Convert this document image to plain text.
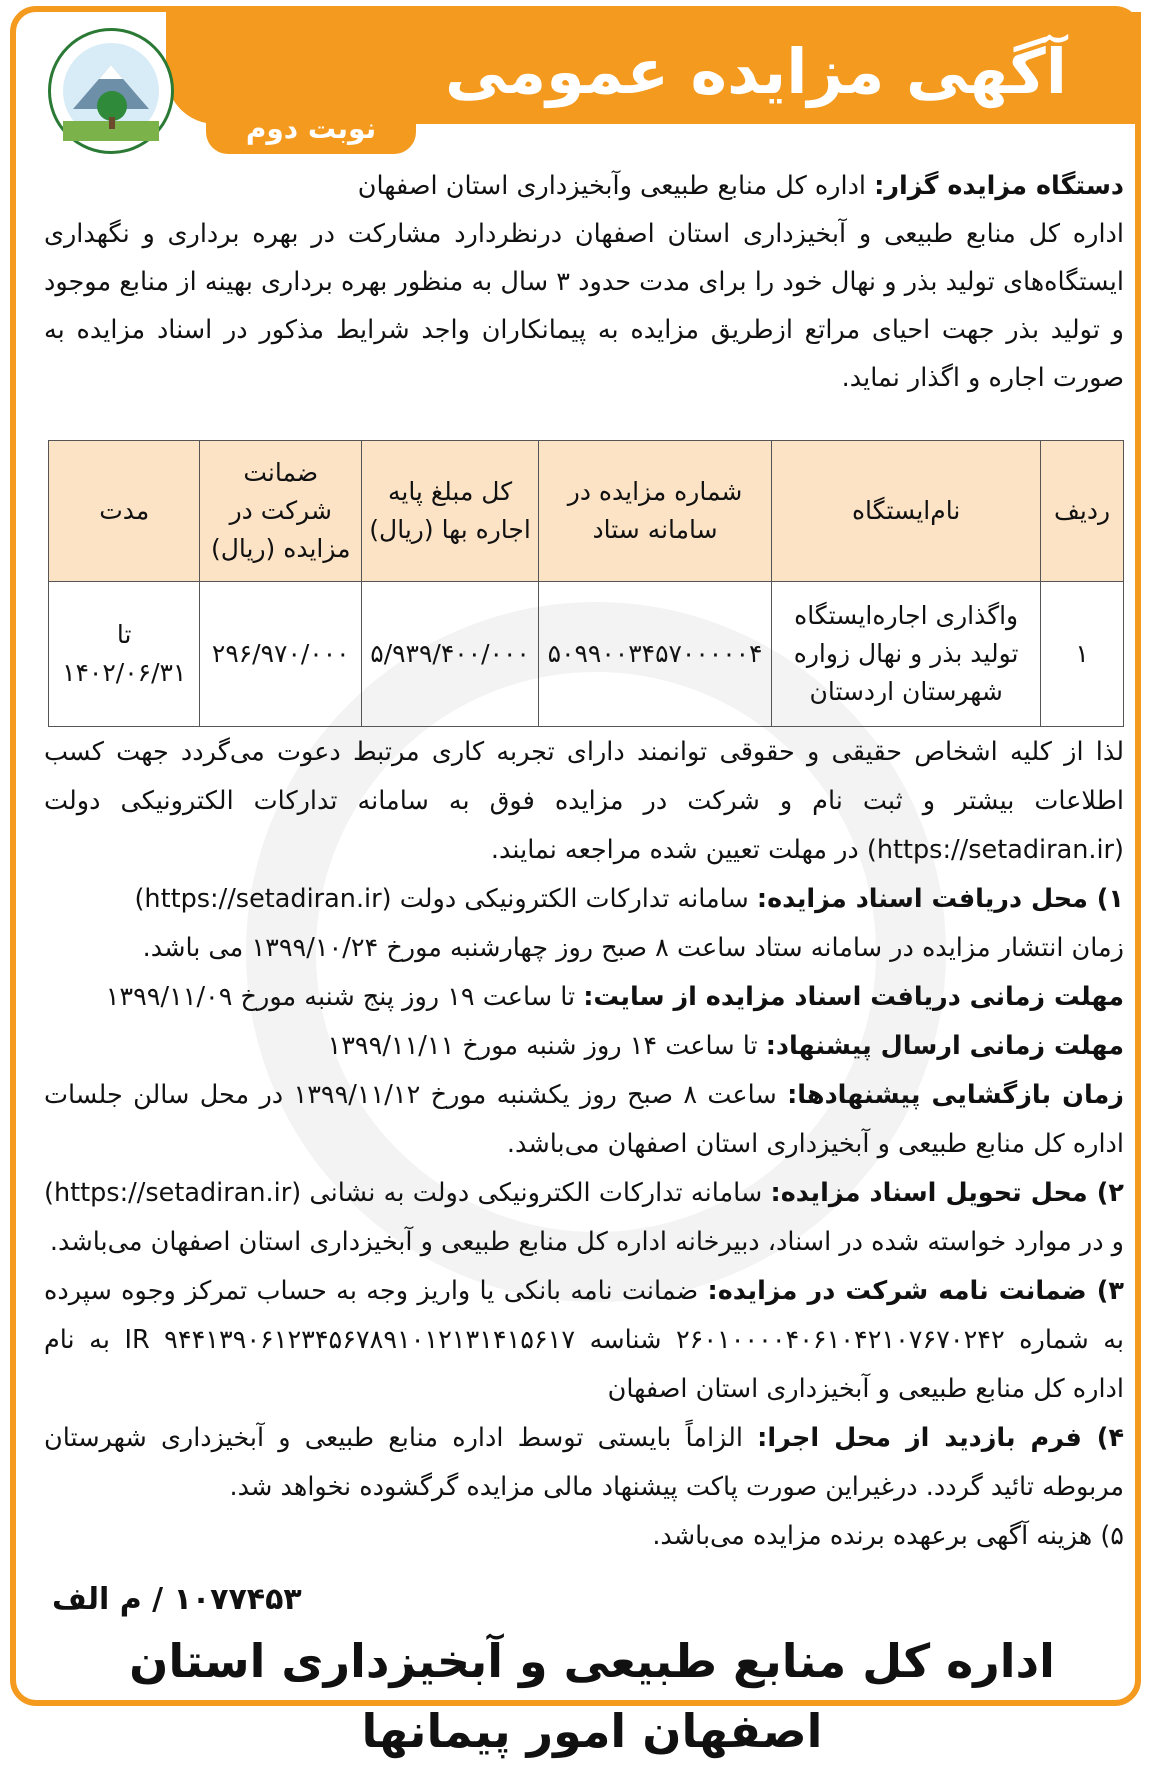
آگهی مزایده عمومی
نوبت دوم

دستگاه مزایده گزار: اداره کل منابع طبیعی وآبخیزداری استان اصفهان

اداره کل منابع طبیعی و آبخیزداری استان اصفهان درنظردارد مشارکت در بهره برداری و نگهداری ایستگاه‌های تولید بذر و نهال خود را برای مدت حدود ۳ سال به منظور بهره برداری بهینه از منابع موجود و تولید بذر جهت احیای مراتع ازطریق مزایده به پیمانکاران واجد شرایط مذکور در اسناد مزایده به صورت اجاره و اگذار نماید.

ردیف	نام‌ایستگاه	شماره مزایده در سامانه ستاد	کل مبلغ پایه اجاره بها (ریال)	ضمانت شرکت در مزایده (ریال)	مدت
۱	واگذاری اجاره‌ایستگاه تولید بذر و نهال زواره شهرستان اردستان	۵۰۹۹۰۰۳۴۵۷۰۰۰۰۰۴	۵/۹۳۹/۴۰۰/۰۰۰	۲۹۶/۹۷۰/۰۰۰	تا ۱۴۰۲/۰۶/۳۱

لذا از کلیه اشخاص حقیقی و حقوقی توانمند دارای تجربه کاری مرتبط دعوت می‌گردد جهت کسب اطلاعات بیشتر و ثبت نام و شرکت در مزایده فوق به سامانه تدارکات الکترونیکی دولت (https://setadiran.ir) در مهلت تعیین شده مراجعه نمایند.

۱) محل دریافت اسناد مزایده: سامانه تدارکات الکترونیکی دولت (https://setadiran.ir)

زمان انتشار مزایده در سامانه ستاد ساعت ۸ صبح روز چهارشنبه مورخ ۱۳۹۹/۱۰/۲۴ می باشد.

مهلت زمانی دریافت اسناد مزایده از سایت: تا ساعت ۱۹ روز پنج شنبه مورخ ۱۳۹۹/۱۱/۰۹

مهلت زمانی ارسال پیشنهاد: تا ساعت ۱۴ روز شنبه مورخ ۱۳۹۹/۱۱/۱۱

زمان بازگشایی پیشنهادها: ساعت ۸ صبح روز یکشنبه مورخ ۱۳۹۹/۱۱/۱۲ در محل سالن جلسات اداره کل منابع طبیعی و آبخیزداری استان اصفهان می‌باشد.

۲) محل تحویل اسناد مزایده: سامانه تدارکات الکترونیکی دولت به نشانی (https://setadiran.ir) و در موارد خواسته شده در اسناد، دبیرخانه اداره کل منابع طبیعی و آبخیزداری استان اصفهان می‌باشد.

۳) ضمانت نامه شرکت در مزایده: ضمانت نامه بانکی یا واریز وجه به حساب تمرکز وجوه سپرده به شماره ۲۶۰۱۰۰۰۰۴۰۶۱۰۴۲۱۰۷۶۷۰۲۴۲ شناسه IR ۹۴۴۱۳۹۰۶۱۲۳۴۵۶۷۸۹۱۰۱۲۱۳۱۴۱۵۶۱۷ به نام اداره کل منابع طبیعی و آبخیزداری استان اصفهان

۴) فرم بازدید از محل اجرا: الزاماً بایستی توسط اداره منابع طبیعی و آبخیزداری شهرستان مربوطه تائید گردد. درغیراین صورت پاکت پیشنهاد مالی مزایده گرگشوده نخواهد شد.

۵) هزینه آگهی برعهده برنده مزایده می‌باشد.

۱۰۷۷۴۵۳ / م الف
اداره کل منابع طبیعی و آبخیزداری استان اصفهان امور پیمانها
